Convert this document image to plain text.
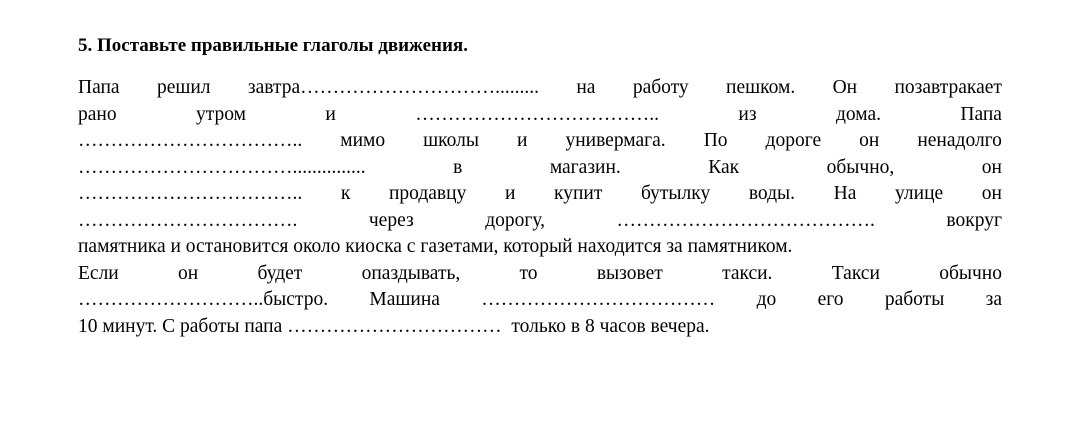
5. Поставьте правильные глаголы движения.
Папа решил завтра…………………………......... на работу пешком. Он позавтракает
рано	утром	и	………………………………..	из	дома.	Папа
…………………………….. мимо школы и универмага. По дороге он ненадолго
……………………………...............	в	магазин.	Как	обычно,	он
…………………………….. к продавцу и купит бутылку воды. На улице он
…………………………….	через	дорогу,	………………………………….	вокруг
памятника и остановится около киоска с газетами, который находится за памятником.
Если	он	будет	опаздывать,	то	вызовет	такси.	Такси	обычно
………………………..быстро. Машина ……………………………… до его работы за
10 минут. С работы папа ……………………………  только в 8 часов вечера.
